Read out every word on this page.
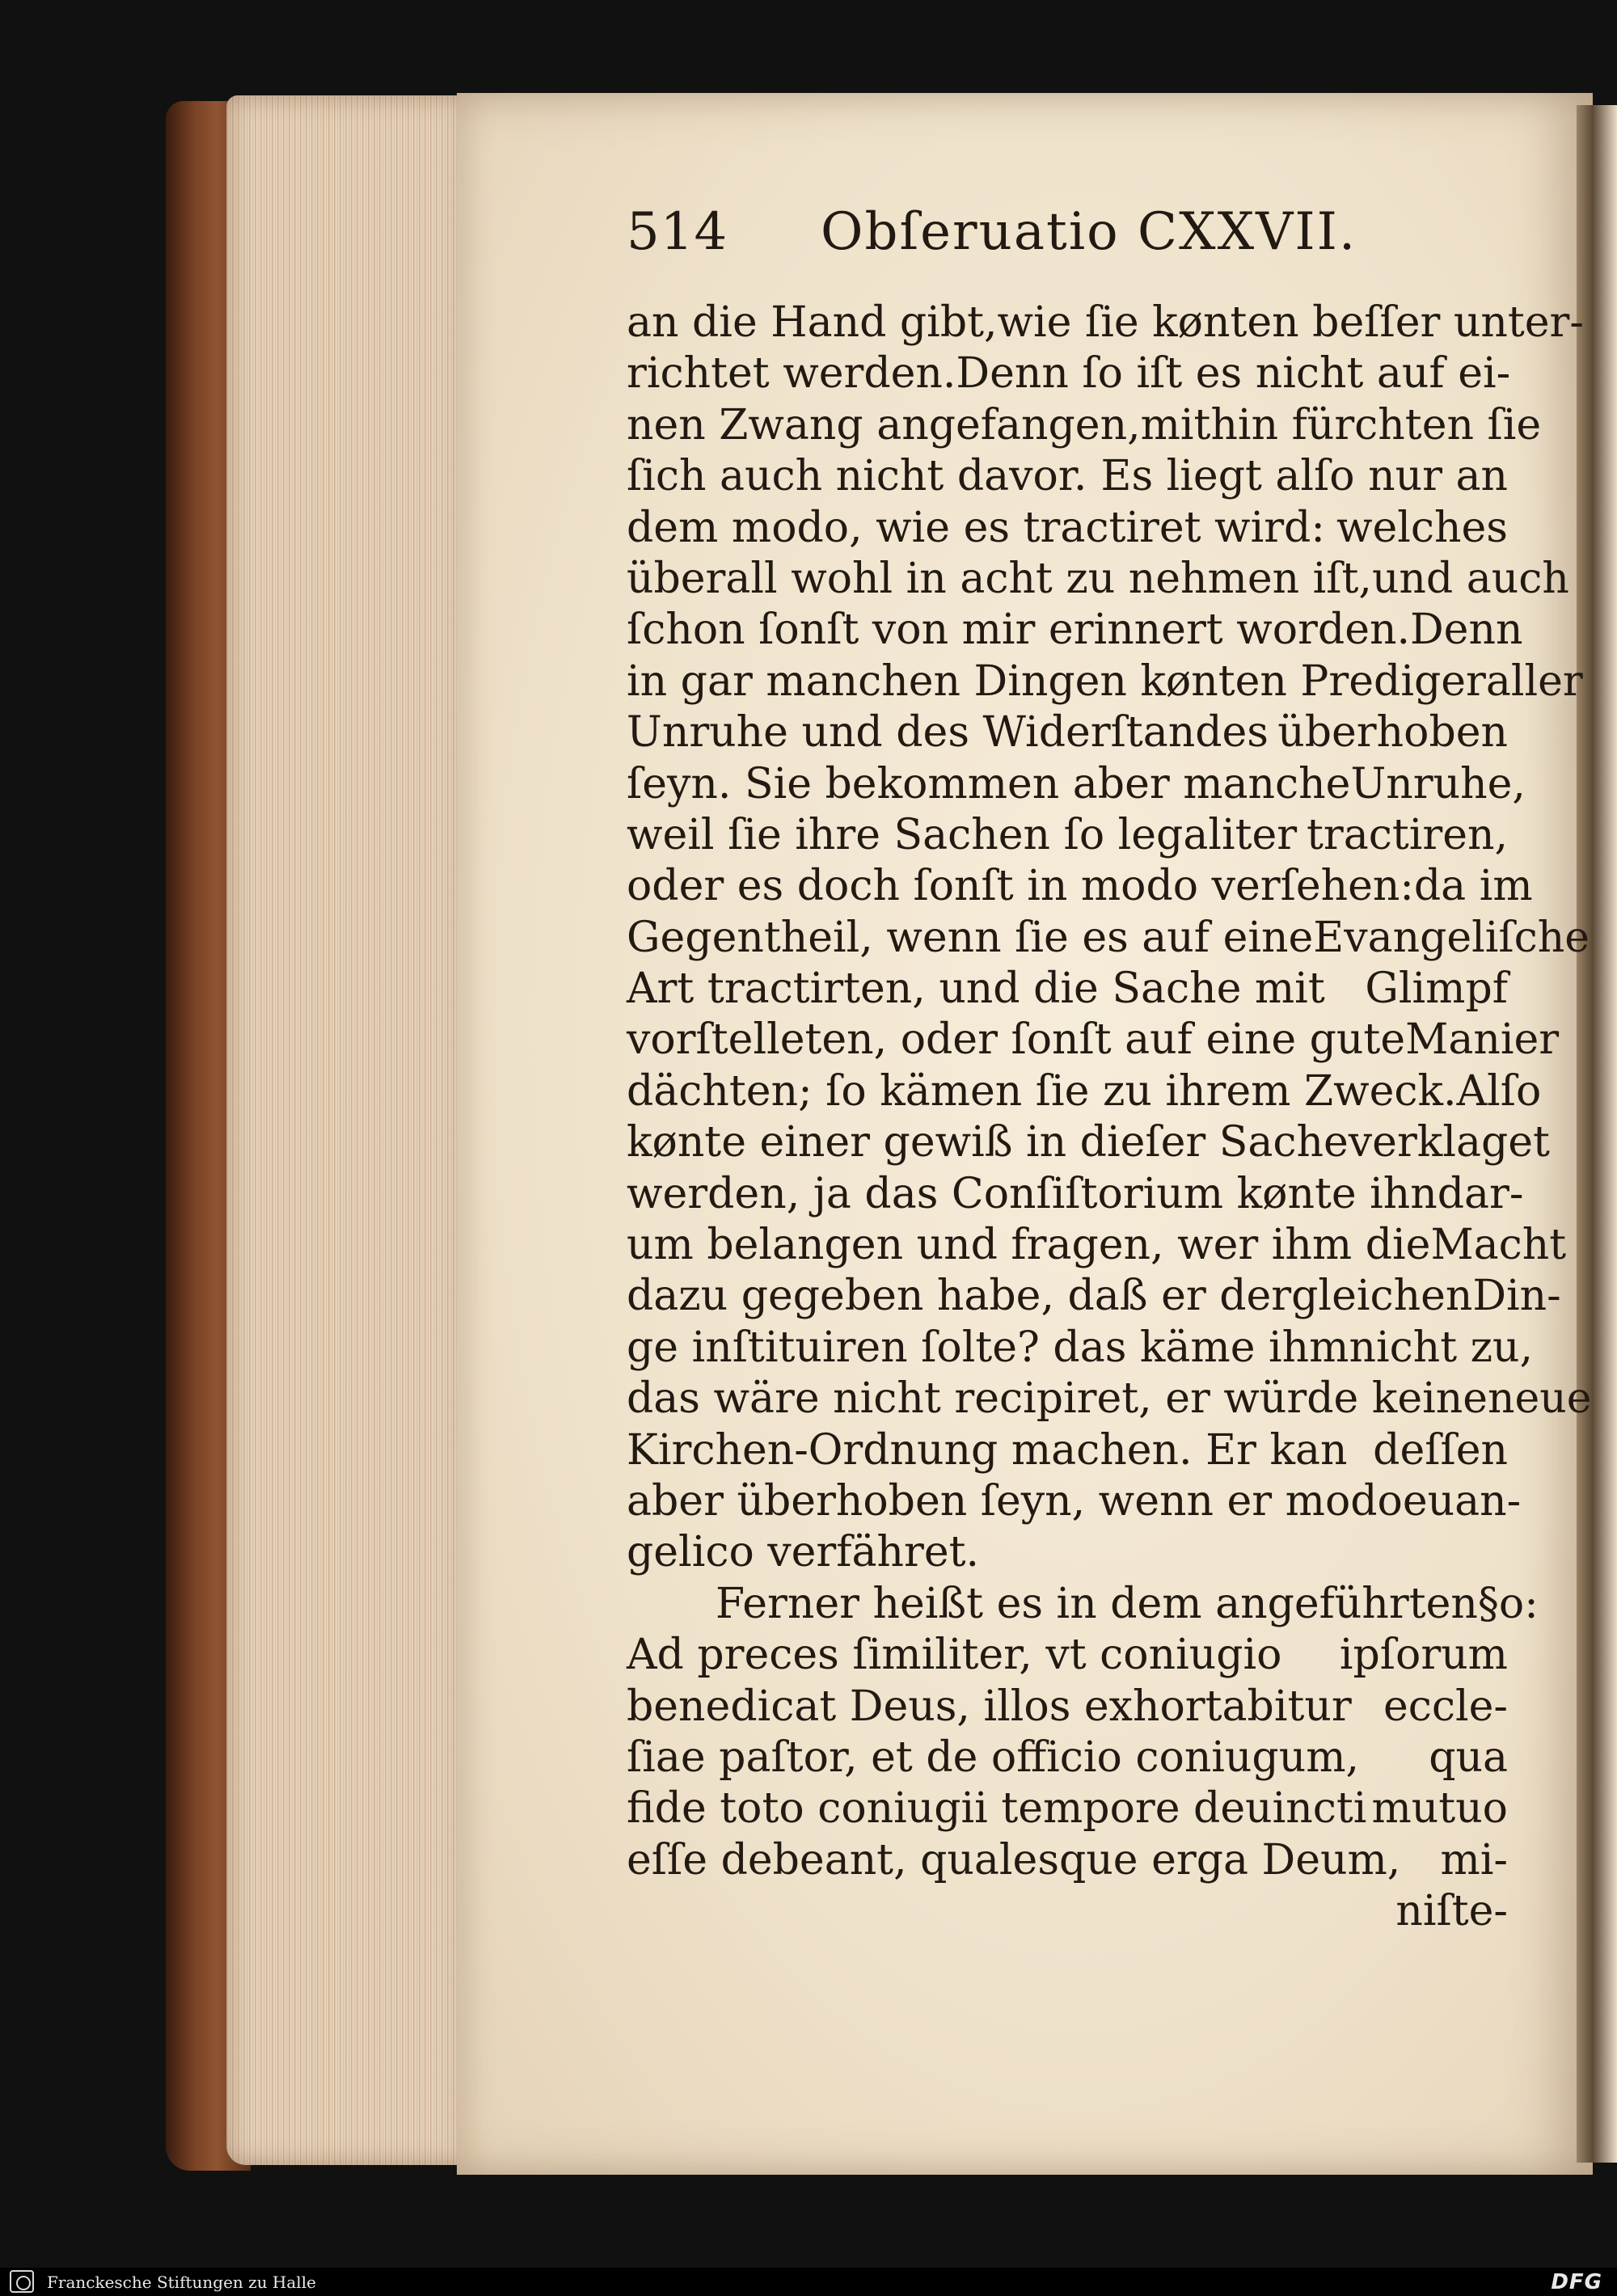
514 Obſeruatio CXXVII.
an die Hand gibt, wie ſie kønten beſſer unter-
richtet werden. Denn ſo iſt es nicht auf ei-
nen Zwang angefangen, mithin fürchten ſie
ſich auch nicht davor. Es liegt alſo nur an
dem modo, wie es tractiret wird: welches
überall wohl in acht zu nehmen iſt, und auch
ſchon ſonſt von mir erinnert worden. Denn
in gar manchen Dingen kønten Prediger aller
Unruhe und des Widerſtandes überhoben
ſeyn. Sie bekommen aber manche Unruhe,
weil ſie ihre Sachen ſo legaliter tractiren,
oder es doch ſonſt in modo verſehen: da im
Gegentheil, wenn ſie es auf eine Evangeliſche
Art tractirten, und die Sache mit Glimpf
vorſtelleten, oder ſonſt auf eine gute Manier
dächten; ſo kämen ſie zu ihrem Zweck. Alſo
kønte einer gewiß in dieſer Sache verklaget
werden, ja das Conſiſtorium kønte ihn dar-
um belangen und fragen, wer ihm die Macht
dazu gegeben habe, daß er dergleichen Din-
ge inſtituiren ſolte? das käme ihm nicht zu,
das wäre nicht recipiret, er würde keine neue
Kirchen-Ordnung machen. Er kan deſſen
aber überhoben ſeyn, wenn er modo euan-
gelico verfähret.
Ferner heißt es in dem angeführten §o:
Ad preces ſimiliter, vt coniugio ipſorum
benedicat Deus, illos exhortabitur eccle-
ſiae paſtor, et de officio coniugum, qua
fide toto coniugii tempore deuincti mutuo
eſſe debeant, qualesque erga Deum, mi-
niſte-
Franckesche Stiftungen zu Halle	DFG
